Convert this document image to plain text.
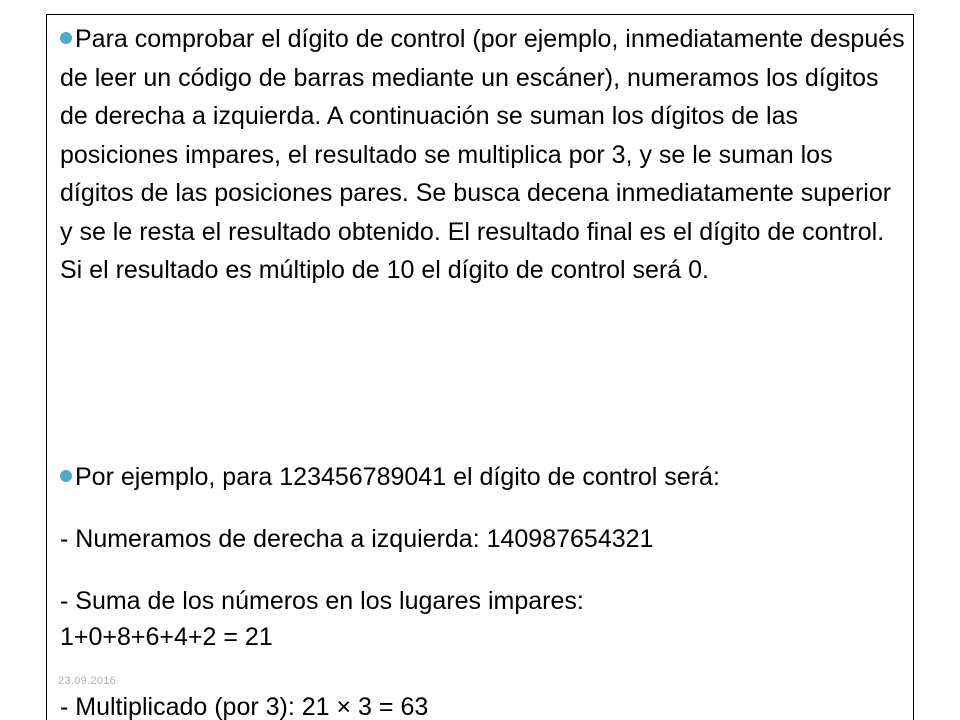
Para comprobar el dígito de control (por ejemplo, inmediatamente después de leer un código de barras mediante un escáner), numeramos los dígitos de derecha a izquierda. A continuación se suman los dígitos de las posiciones impares, el resultado se multiplica por 3, y se le suman los dígitos de las posiciones pares. Se busca decena inmediatamente superior y se le resta el resultado obtenido. El resultado final es el dígito de control. Si el resultado es múltiplo de 10 el dígito de control será 0.

Por ejemplo, para 123456789041 el dígito de control será:

- Numeramos de derecha a izquierda: 140987654321

- Suma de los números en los lugares impares:

1+0+8+6+4+2 = 21

- Multiplicado (por 3): 21 × 3 = 63

23.09.2016
